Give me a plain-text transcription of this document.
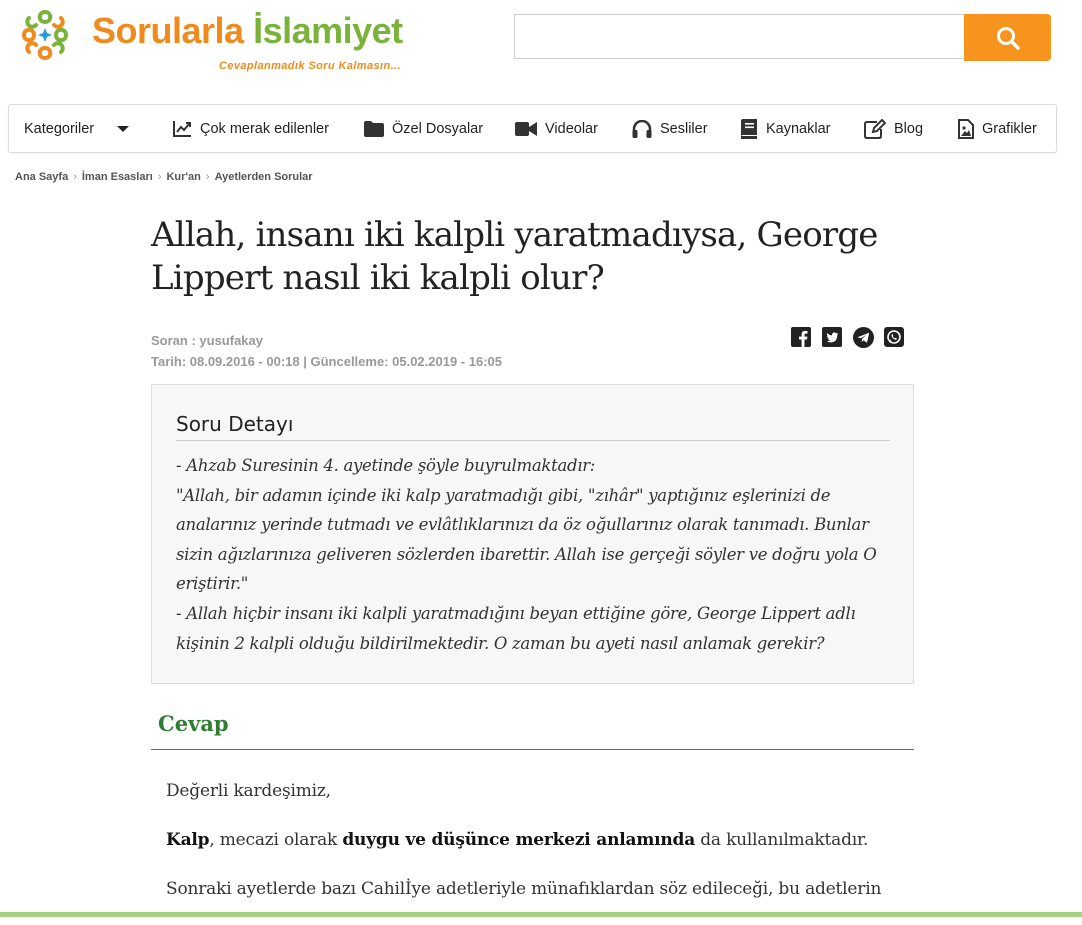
Sorularla İslamiyet
Cevaplanmadık Soru Kalmasın...
Kategoriler	Çok merak edilenler	Özel Dosyalar	Videolar	Sesliler	Kaynaklar	Blog	Grafikler
Ana Sayfa › İman Esasları › Kur'an › Ayetlerden Sorular
Allah, insanı iki kalpli yaratmadıysa, George Lippert nasıl iki kalpli olur?
Soran : yusufakay
Tarih: 08.09.2016 - 00:18 | Güncelleme: 05.02.2019 - 16:05
Soru Detayı

- Ahzab Suresinin 4. ayetinde şöyle buyrulmaktadır:

"Allah, bir adamın içinde iki kalp yaratmadığı gibi, "zıhâr" yaptığınız eşlerinizi de analarınız yerinde tutmadı ve evlâtlıklarınızı da öz oğullarınız olarak tanımadı. Bunlar sizin ağızlarınıza geliveren sözlerden ibarettir. Allah ise gerçeği söyler ve doğru yola O eriştirir."

- Allah hiçbir insanı iki kalpli yaratmadığını beyan ettiğine göre, George Lippert adlı kişinin 2 kalpli olduğu bildirilmektedir. O zaman bu ayeti nasıl anlamak gerekir?

Cevap

Değerli kardeşimiz,

Kalp, mecazi olarak duygu ve düşünce merkezi anlamında da kullanılmaktadır.

Sonraki ayetlerde bazı Cahilİye adetleriyle münafıklardan söz edileceği, bu adetlerin
